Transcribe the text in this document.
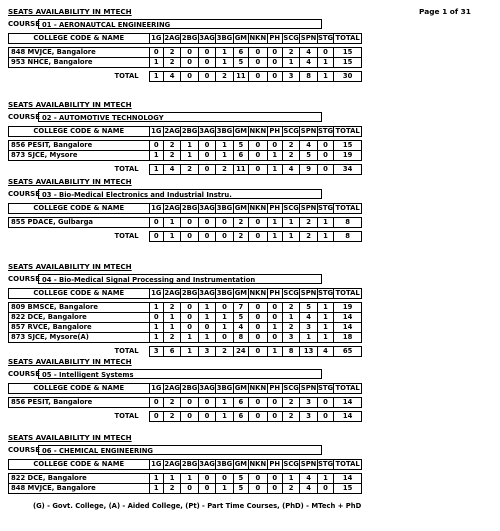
Page 1 of 31
SEATS AVAILABILITY IN MTECH
COURSE 01 - AERONAUTCAL ENGINEERING
COLLEGE CODE & NAME	1G	2AG	2BG	3AG	3BG	GM	NKN	PH	SCG	SPN	STG	TOTAL

848 MVJCE, Bangalore	0	2	0	0	1	6	0	0	2	4	0	15
953 NHCE, Bangalore	1	2	0	0	1	5	0	0	1	4	1	15

TOTAL	1	4	0	0	2	11	0	0	3	8	1	30
SEATS AVAILABILITY IN MTECH
COURSE 02 - AUTOMOTIVE TECHNOLOGY
COLLEGE CODE & NAME	1G	2AG	2BG	3AG	3BG	GM	NKN	PH	SCG	SPN	STG	TOTAL

856 PESIT, Bangalore	0	2	1	0	1	5	0	0	2	4	0	15
873 SJCE, Mysore	1	2	1	0	1	6	0	1	2	5	0	19

TOTAL	1	4	2	0	2	11	0	1	4	9	0	34
SEATS AVAILABILITY IN MTECH
COURSE 03 - Bio-Medical Electronics and Industrial Instru.
COLLEGE CODE & NAME	1G	2AG	2BG	3AG	3BG	GM	NKN	PH	SCG	SPN	STG	TOTAL

855 PDACE, Gulbarga	0	1	0	0	0	2	0	1	1	2	1	8

TOTAL	0	1	0	0	0	2	0	1	1	2	1	8
SEATS AVAILABILITY IN MTECH
COURSE 04 - Bio-Medical Signal Processing and Instrumentation
COLLEGE CODE & NAME	1G	2AG	2BG	3AG	3BG	GM	NKN	PH	SCG	SPN	STG	TOTAL

809 BMSCE, Bangalore	1	2	0	1	0	7	0	0	2	5	1	19
822 DCE, Bangalore	0	1	0	1	1	5	0	0	1	4	1	14
857 RVCE, Bangalore	1	1	0	0	1	4	0	1	2	3	1	14
873 SJCE, Mysore(A)	1	2	1	1	0	8	0	0	3	1	1	18

TOTAL	3	6	1	3	2	24	0	1	8	13	4	65
SEATS AVAILABILITY IN MTECH
COURSE 05 - Intelligent Systems
COLLEGE CODE & NAME	1G	2AG	2BG	3AG	3BG	GM	NKN	PH	SCG	SPN	STG	TOTAL

856 PESIT, Bangalore	0	2	0	0	1	6	0	0	2	3	0	14

TOTAL	0	2	0	0	1	6	0	0	2	3	0	14
SEATS AVAILABILITY IN MTECH
COURSE 06 - CHEMICAL ENGINEERING
COLLEGE CODE & NAME	1G	2AG	2BG	3AG	3BG	GM	NKN	PH	SCG	SPN	STG	TOTAL

822 DCE, Bangalore	1	1	1	0	0	5	0	0	1	4	1	14
848 MVJCE, Bangalore	1	2	0	0	1	5	0	0	2	4	0	15
(G) - Govt. College, (A) - Aided College, (Pt) - Part Time Courses, (PhD) - MTech + PhD
